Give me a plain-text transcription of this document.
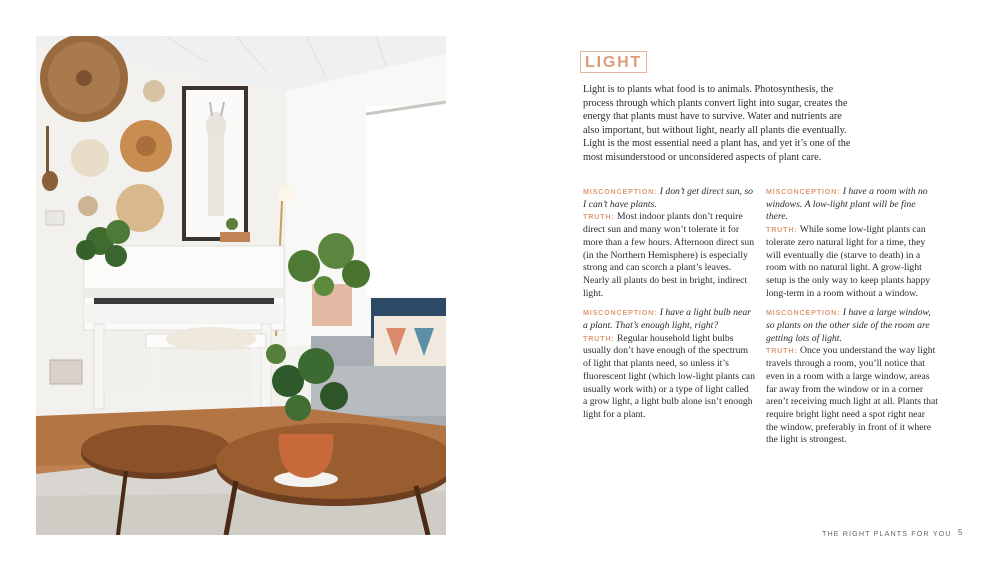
LIGHT

Light is to plants what food is to animals. Photosynthesis, the process through which plants convert light into sugar, creates the energy that plants must have to survive. Water and nutrients are also important, but without light, nearly all plants die eventually. Light is the most essential need a plant has, and yet it’s one of the most misunderstood or unconsidered aspects of plant care.

MISCONCEPTION: I don’t get direct sun, so I can’t have plants.
TRUTH: Most indoor plants don’t require direct sun and many won’t tolerate it for more than a few hours. Afternoon direct sun (in the Northern Hemisphere) is especially strong and can scorch a plant’s leaves. Nearly all plants do best in bright, indirect light.

MISCONCEPTION: I have a light bulb near a plant. That’s enough light, right?
TRUTH: Regular household light bulbs usually don’t have enough of the spectrum of light that plants need, so unless it’s fluorescent light (which low-light plants can usually work with) or a type of light called a grow light, a light bulb alone isn’t enough light for a plant.

MISCONCEPTION: I have a room with no windows. A low-light plant will be fine there.
TRUTH: While some low-light plants can tolerate zero natural light for a time, they will eventually die (starve to death) in a room with no natural light. A grow-light setup is the only way to keep plants happy long-term in a room without a window.

MISCONCEPTION: I have a large window, so plants on the other side of the room are getting lots of light.
TRUTH: Once you understand the way light travels through a room, you’ll notice that even in a room with a large window, areas far away from the window or in a corner aren’t receiving much light at all. Plants that require bright light need a spot right near the window, preferably in front of it where the light is strongest.

THE RIGHT PLANTS FOR YOU 5
